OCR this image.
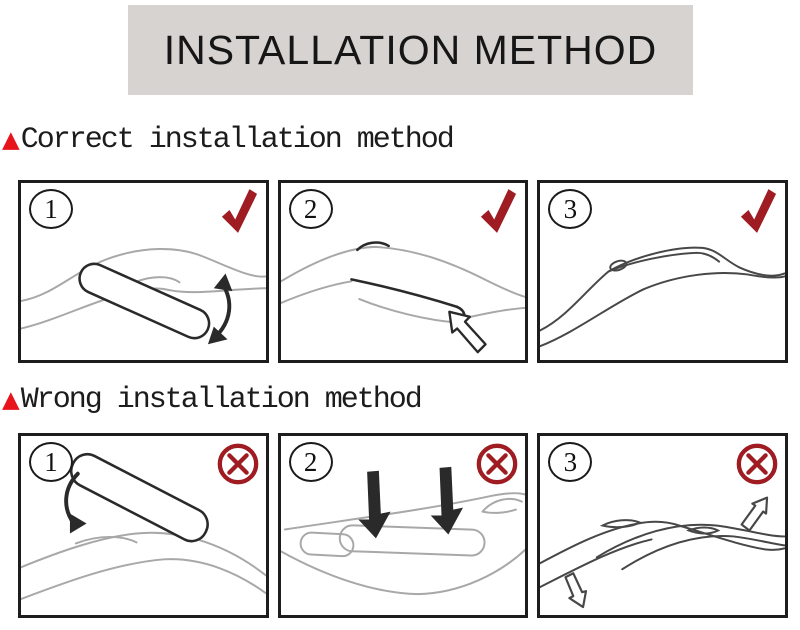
INSTALLATION METHOD
▲ Correct installation method
1	2	3
▲ Wrong installation method
1	2	3
